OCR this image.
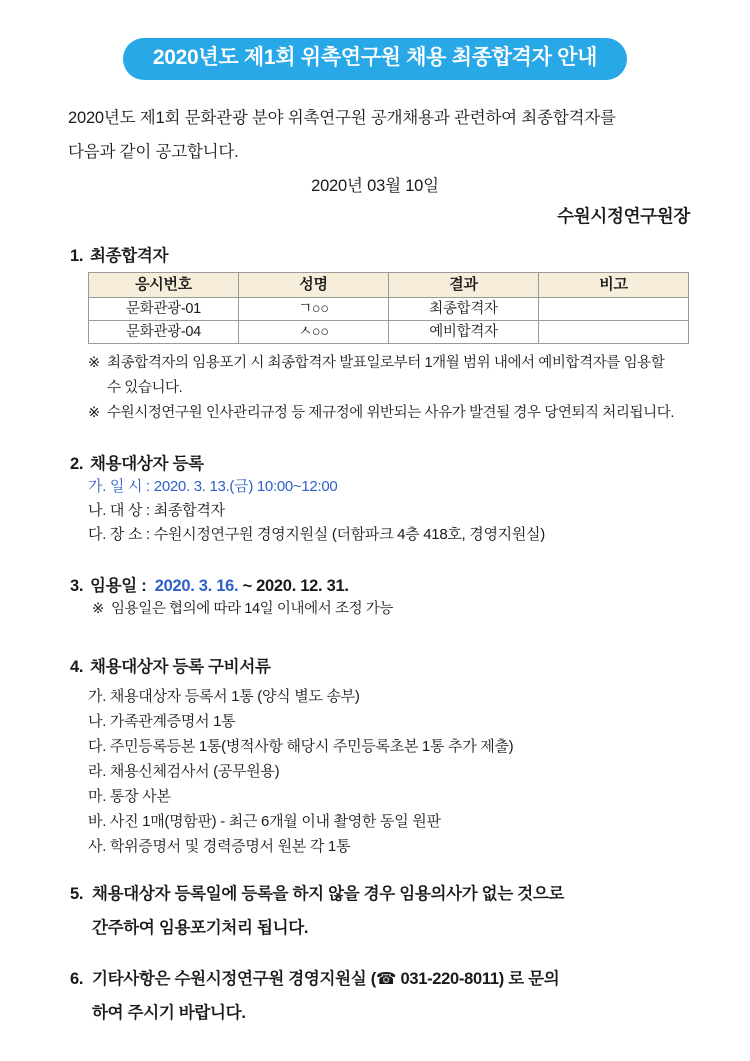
2020년도 제1회 위촉연구원 채용 최종합격자 안내
2020년도 제1회 문화관광 분야 위촉연구원 공개채용과 관련하여 최종합격자를
다음과 같이 공고합니다.
2020년 03월 10일
수원시정연구원장
1. 최종합격자
응시번호	성명	결과	비고
문화관광-01	ㄱ○○	최종합격자	
문화관광-04	ㅅ○○	예비합격자	
※ 최종합격자의 임용포기 시 최종합격자 발표일로부터 1개월 범위 내에서 예비합격자를 임용할
수 있습니다.
※ 수원시정연구원 인사관리규정 등 제규정에 위반되는 사유가 발견될 경우 당연퇴직 처리됩니다.
2. 채용대상자 등록
가. 일 시 : 2020. 3. 13.(금) 10:00~12:00
나. 대 상 : 최종합격자
다. 장 소 : 수원시정연구원 경영지원실 (더함파크 4층 418호, 경영지원실)
3. 임용일 : 2020. 3. 16. ~ 2020. 12. 31.
※ 임용일은 협의에 따라 14일 이내에서 조정 가능
4. 채용대상자 등록 구비서류
가. 채용대상자 등록서 1통 (양식 별도 송부)
나. 가족관계증명서 1통
다. 주민등록등본 1통(병적사항 해당시 주민등록초본 1통 추가 제출)
라. 채용신체검사서 (공무원용)
마. 통장 사본
바. 사진 1매(명함판) - 최근 6개월 이내 촬영한 동일 원판
사. 학위증명서 및 경력증명서 원본 각 1통
5. 채용대상자 등록일에 등록을 하지 않을 경우 임용의사가 없는 것으로
간주하여 임용포기처리 됩니다.
6. 기타사항은 수원시정연구원 경영지원실 (☎ 031-220-8011) 로 문의
하여 주시기 바랍니다.
